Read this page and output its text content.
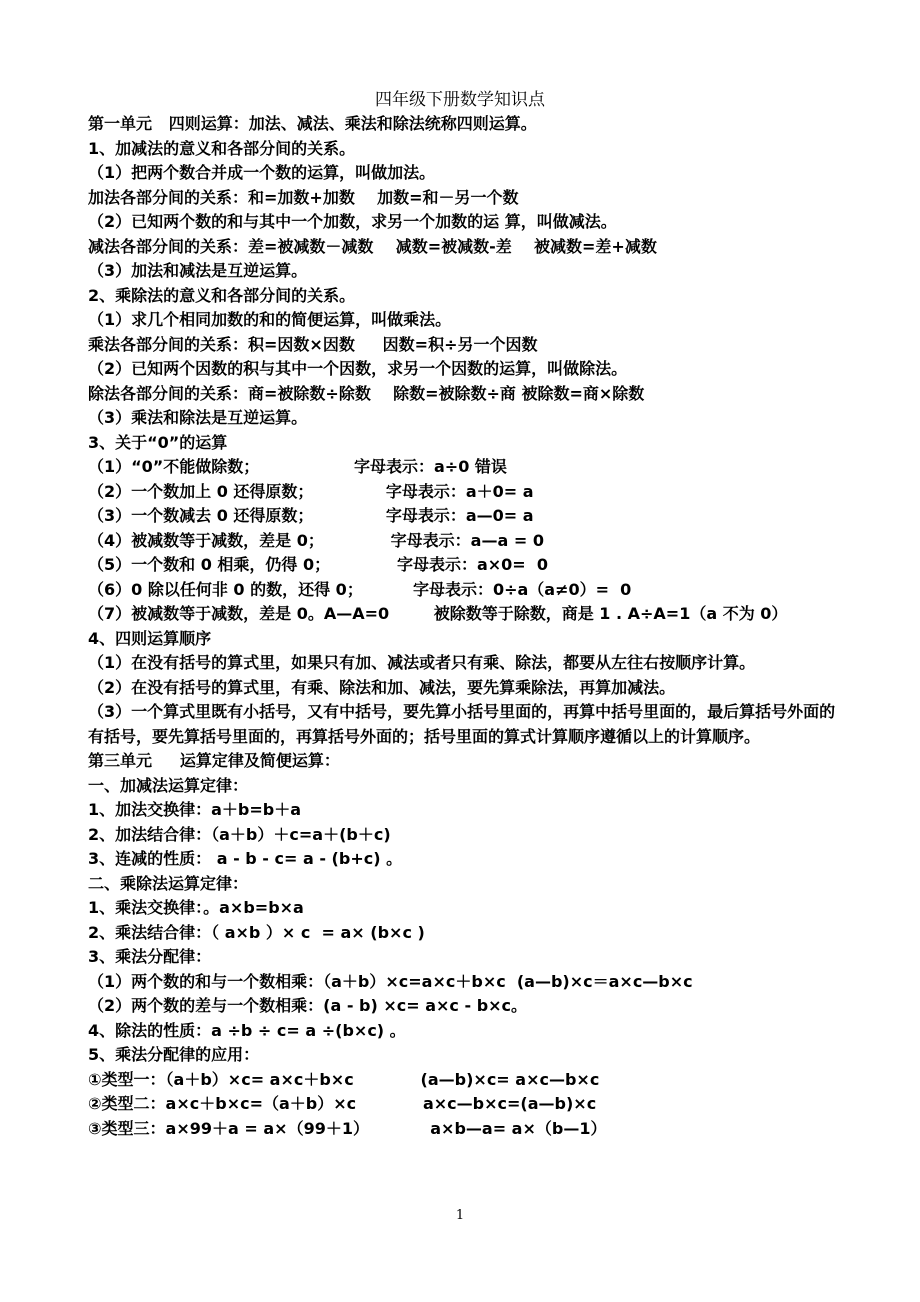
四年级下册数学知识点
第一单元   四则运算：加法、减法、乘法和除法统称四则运算。
1、加减法的意义和各部分间的关系。
（1）把两个数合并成一个数的运算，叫做加法。
加法各部分间的关系：和=加数+加数    加数=和－另一个数
（2）已知两个数的和与其中一个加数，求另一个加数的运 算，叫做减法。
减法各部分间的关系：差=被减数－减数    减数=被减数-差    被减数=差+减数
（3）加法和减法是互逆运算。
2、乘除法的意义和各部分间的关系。
（1）求几个相同加数的和的简便运算，叫做乘法。
乘法各部分间的关系：积=因数×因数     因数=积÷另一个因数
（2）已知两个因数的积与其中一个因数，求另一个因数的运算，叫做除法。
除法各部分间的关系：商=被除数÷除数    除数=被除数÷商 被除数=商×除数
（3）乘法和除法是互逆运算。
3、关于“0”的运算
（1）“0”不能做除数；                 字母表示：a÷0 错误
（2）一个数加上 0 还得原数；             字母表示：a＋0= a
（3）一个数减去 0 还得原数；             字母表示：a—0= a
（4）被减数等于减数，差是 0；            字母表示：a—a = 0
（5）一个数和 0 相乘，仍得 0；            字母表示：a×0=  0
（6）0 除以任何非 0 的数，还得 0；         字母表示：0÷a（a≠0）=  0
（7）被减数等于减数，差是 0。A—A=0        被除数等于除数，商是 1 . A÷A=1（a 不为 0）
4、四则运算顺序
（1）在没有括号的算式里，如果只有加、减法或者只有乘、除法，都要从左往右按顺序计算。
（2）在没有括号的算式里，有乘、除法和加、减法，要先算乘除法，再算加减法。
（3）一个算式里既有小括号，又有中括号，要先算小括号里面的，再算中括号里面的，最后算括号外面的有括号，要先算括号里面的，再算括号外面的；括号里面的算式计算顺序遵循以上的计算顺序。
第三单元     运算定律及简便运算：
一、加减法运算定律：
1、加法交换律：a＋b=b＋a
2、加法结合律：（a＋b）＋c=a＋(b＋c)
3、连减的性质： a - b - c= a - (b+c) 。
二、乘除法运算定律：
1、乘法交换律：。a×b=b×a
2、乘法结合律：（ a×b ）× c  = a× (b×c )
3、乘法分配律：
（1）两个数的和与一个数相乘：（a＋b）×c=a×c＋b×c  (a—b)×c＝a×c—b×c
（2）两个数的差与一个数相乘：(a - b) ×c= a×c - b×c。
4、除法的性质：a ÷b ÷ c= a ÷(b×c) 。
5、乘法分配律的应用：
①类型一：（a＋b）×c= a×c＋b×c            (a—b)×c= a×c—b×c
②类型二：a×c＋b×c=（a＋b）×c            a×c—b×c=(a—b)×c
③类型三：a×99＋a = a×（99＋1）           a×b—a= a×（b—1）
1
